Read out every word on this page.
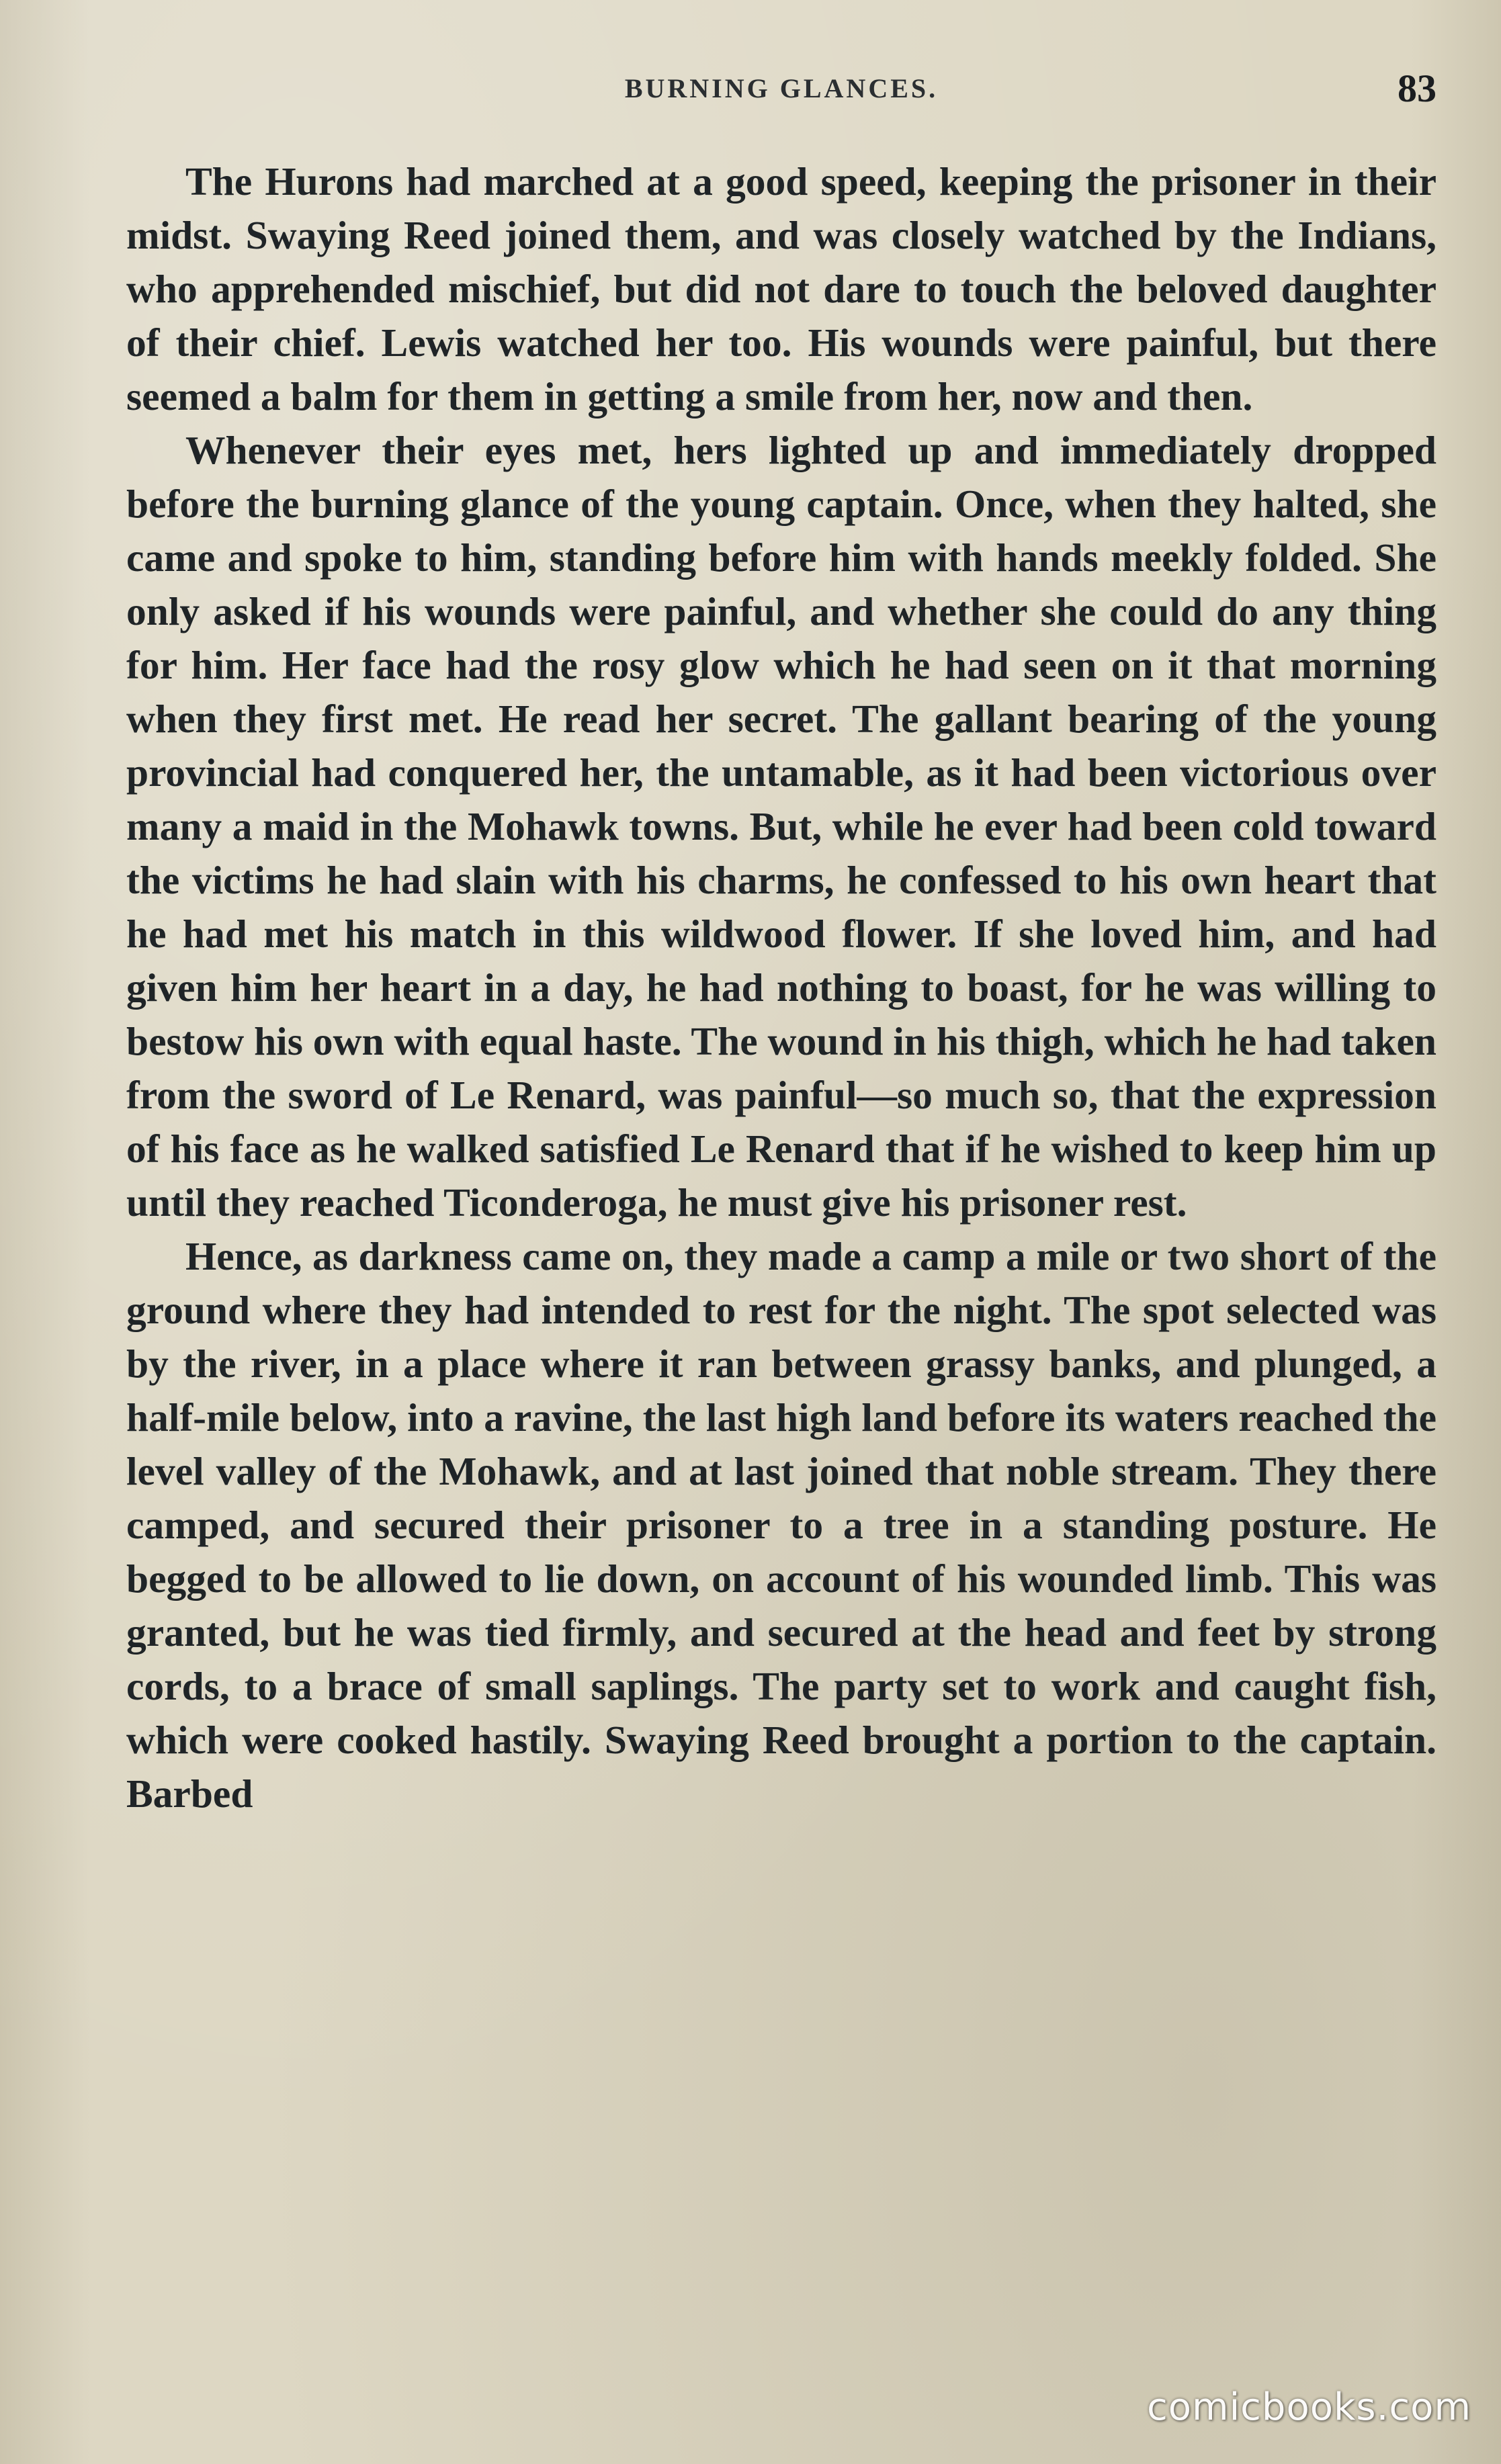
BURNING GLANCES.	83

The Hurons had marched at a good speed, keeping the prisoner in their midst. Swaying Reed joined them, and was closely watched by the Indians, who apprehended mischief, but did not dare to touch the beloved daughter of their chief. Lewis watched her too. His wounds were painful, but there seemed a balm for them in getting a smile from her, now and then.

Whenever their eyes met, hers lighted up and immediately dropped before the burning glance of the young captain. Once, when they halted, she came and spoke to him, standing before him with hands meekly folded. She only asked if his wounds were painful, and whether she could do any thing for him. Her face had the rosy glow which he had seen on it that morning when they first met. He read her secret. The gallant bearing of the young provincial had conquered her, the untamable, as it had been victorious over many a maid in the Mohawk towns. But, while he ever had been cold toward the victims he had slain with his charms, he confessed to his own heart that he had met his match in this wildwood flower. If she loved him, and had given him her heart in a day, he had nothing to boast, for he was willing to bestow his own with equal haste. The wound in his thigh, which he had taken from the sword of Le Renard, was painful—so much so, that the expression of his face as he walked satisfied Le Renard that if he wished to keep him up until they reached Ticonderoga, he must give his prisoner rest.

Hence, as darkness came on, they made a camp a mile or two short of the ground where they had intended to rest for the night. The spot selected was by the river, in a place where it ran between grassy banks, and plunged, a half-mile below, into a ravine, the last high land before its waters reached the level valley of the Mohawk, and at last joined that noble stream. They there camped, and secured their prisoner to a tree in a standing posture. He begged to be allowed to lie down, on account of his wounded limb. This was granted, but he was tied firmly, and secured at the head and feet by strong cords, to a brace of small saplings. The party set to work and caught fish, which were cooked hastily. Swaying Reed brought a portion to the captain. Barbed

comicbooks.com
